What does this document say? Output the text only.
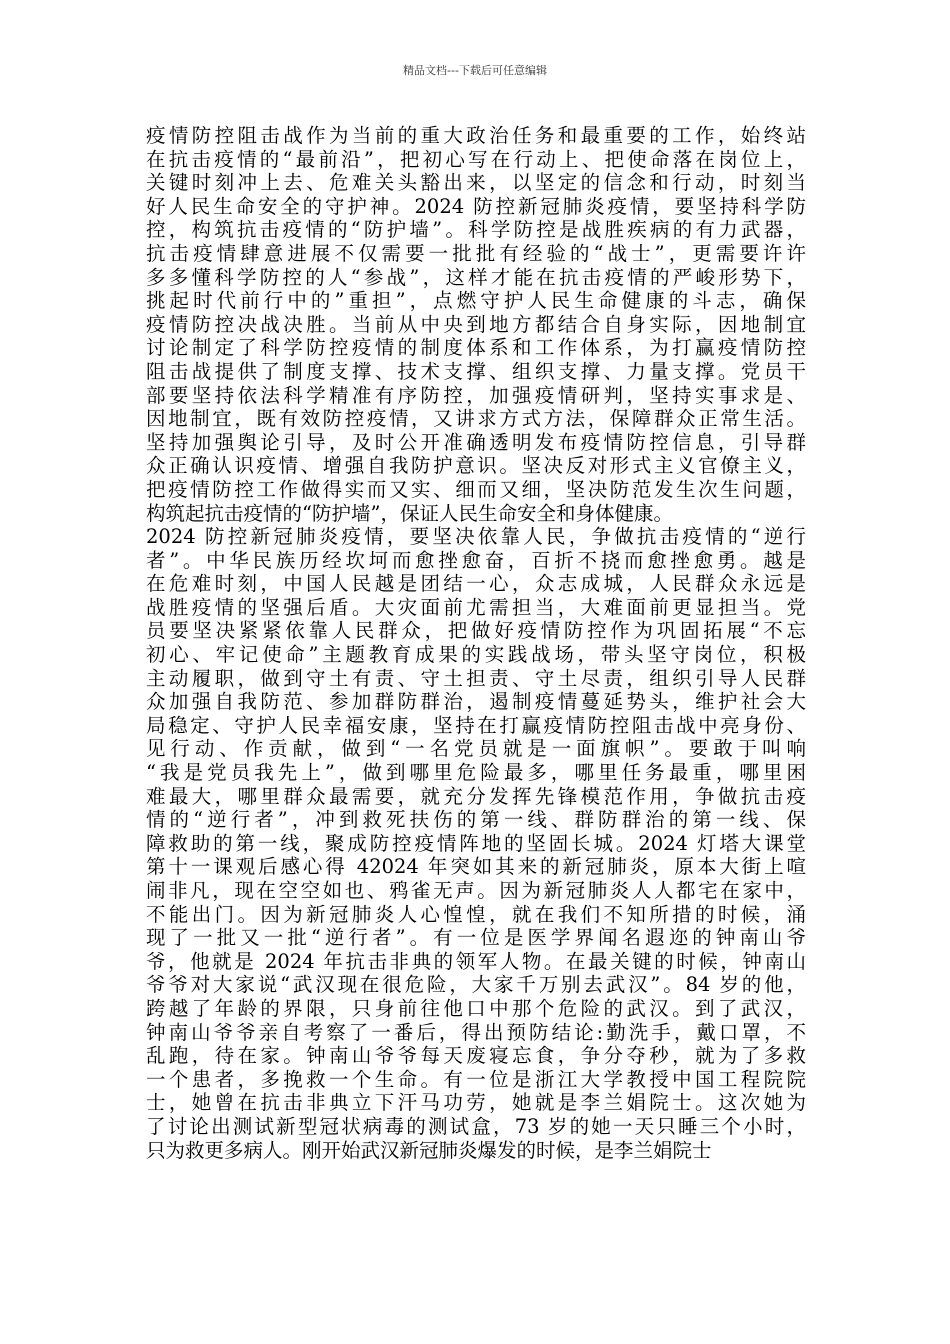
精品文档---下载后可任意编辑
疫情防控阻击战作为当前的重大政治任务和最重要的工作，始终站
在抗击疫情的“最前沿”，把初心写在行动上、把使命落在岗位上，
关键时刻冲上去、危难关头豁出来，以坚定的信念和行动，时刻当
好人民生命安全的守护神。2024 防控新冠肺炎疫情，要坚持科学防
控，构筑抗击疫情的“防护墙”。科学防控是战胜疾病的有力武器，
抗击疫情肆意进展不仅需要一批批有经验的“战士”，更需要许许
多多懂科学防控的人“参战”，这样才能在抗击疫情的严峻形势下，
挑起时代前行中的”重担”，点燃守护人民生命健康的斗志，确保
疫情防控决战决胜。当前从中央到地方都结合自身实际，因地制宜
讨论制定了科学防控疫情的制度体系和工作体系，为打赢疫情防控
阻击战提供了制度支撑、技术支撑、组织支撑、力量支撑。党员干
部要坚持依法科学精准有序防控，加强疫情研判，坚持实事求是、
因地制宜，既有效防控疫情，又讲求方式方法，保障群众正常生活。
坚持加强舆论引导，及时公开准确透明发布疫情防控信息，引导群
众正确认识疫情、增强自我防护意识。坚决反对形式主义官僚主义，
把疫情防控工作做得实而又实、细而又细，坚决防范发生次生问题，
构筑起抗击疫情的“防护墙”，保证人民生命安全和身体健康。
2024 防控新冠肺炎疫情，要坚决依靠人民，争做抗击疫情的“逆行
者”。中华民族历经坎坷而愈挫愈奋，百折不挠而愈挫愈勇。越是
在危难时刻，中国人民越是团结一心，众志成城，人民群众永远是
战胜疫情的坚强后盾。大灾面前尤需担当，大难面前更显担当。党
员要坚决紧紧依靠人民群众，把做好疫情防控作为巩固拓展“不忘
初心、牢记使命”主题教育成果的实践战场，带头坚守岗位，积极
主动履职，做到守土有责、守土担责、守土尽责，组织引导人民群
众加强自我防范、参加群防群治，遏制疫情蔓延势头，维护社会大
局稳定、守护人民幸福安康，坚持在打赢疫情防控阻击战中亮身份、
见行动、作贡献，做到“一名党员就是一面旗帜”。要敢于叫响
“我是党员我先上”，做到哪里危险最多，哪里任务最重，哪里困
难最大，哪里群众最需要，就充分发挥先锋模范作用，争做抗击疫
情的“逆行者”，冲到救死扶伤的第一线、群防群治的第一线、保
障救助的第一线，聚成防控疫情阵地的坚固长城。2024 灯塔大课堂
第十一课观后感心得 42024 年突如其来的新冠肺炎，原本大街上喧
闹非凡，现在空空如也、鸦雀无声。因为新冠肺炎人人都宅在家中，
不能出门。因为新冠肺炎人心惶惶，就在我们不知所措的时候，涌
现了一批又一批“逆行者”。有一位是医学界闻名遐迩的钟南山爷
爷，他就是 2024 年抗击非典的领军人物。在最关键的时候，钟南山
爷爷对大家说“武汉现在很危险，大家千万别去武汉”。84 岁的他，
跨越了年龄的界限，只身前往他口中那个危险的武汉。到了武汉，
钟南山爷爷亲自考察了一番后，得出预防结论:勤洗手，戴口罩，不
乱跑，待在家。钟南山爷爷每天废寝忘食，争分夺秒，就为了多救
一个患者，多挽救一个生命。有一位是浙江大学教授中国工程院院
士，她曾在抗击非典立下汗马功劳，她就是李兰娟院士。这次她为
了讨论出测试新型冠状病毒的测试盒，73 岁的她一天只睡三个小时，
只为救更多病人。刚开始武汉新冠肺炎爆发的时候，是李兰娟院士
